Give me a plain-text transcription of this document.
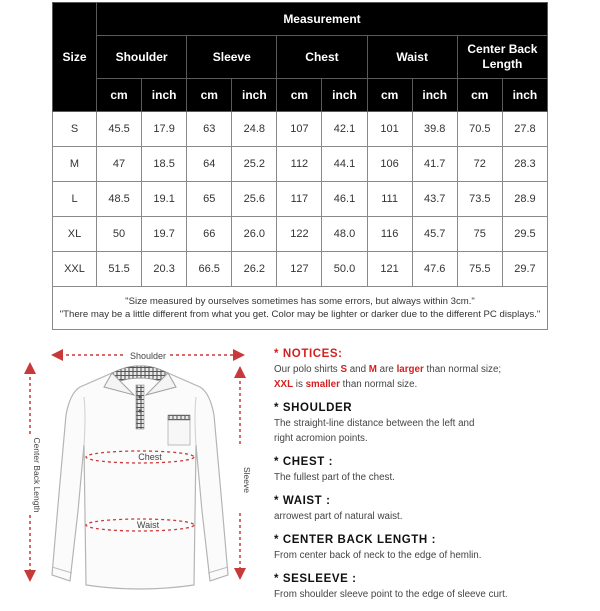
Size	Measurement									
	Shoulder		Sleeve		Chest		Waist		Center Back Length	
	cm	inch	cm	inch	cm	inch	cm	inch	cm	inch
S	45.5	17.9	63	24.8	107	42.1	101	39.8	70.5	27.8
M	47	18.5	64	25.2	112	44.1	106	41.7	72	28.3
L	48.5	19.1	65	25.6	117	46.1	111	43.7	73.5	28.9
XL	50	19.7	66	26.0	122	48.0	116	45.7	75	29.5
XXL	51.5	20.3	66.5	26.2	127	50.0	121	47.6	75.5	29.7

"Size measured by ourselves sometimes has some errors, but always within 3cm."
"There may be a little different from what you get. Color may be lighter or darker due to the different PC displays."										
Shoulder
Chest
Waist
Center Back Length	Sleeve
* NOTICES:
Our polo shirts S and M are larger than normal size;
XXL is smaller than normal size.
* SHOULDER
The straight-line distance between the left and
right acromion points.
* CHEST :
The fullest part of the chest.
* WAIST :
arrowest part of natural waist.
* CENTER BACK LENGTH :
From center back of neck to the edge of hemlin.
* SESLEEVE :
From shoulder sleeve point to the edge of sleeve curt.
